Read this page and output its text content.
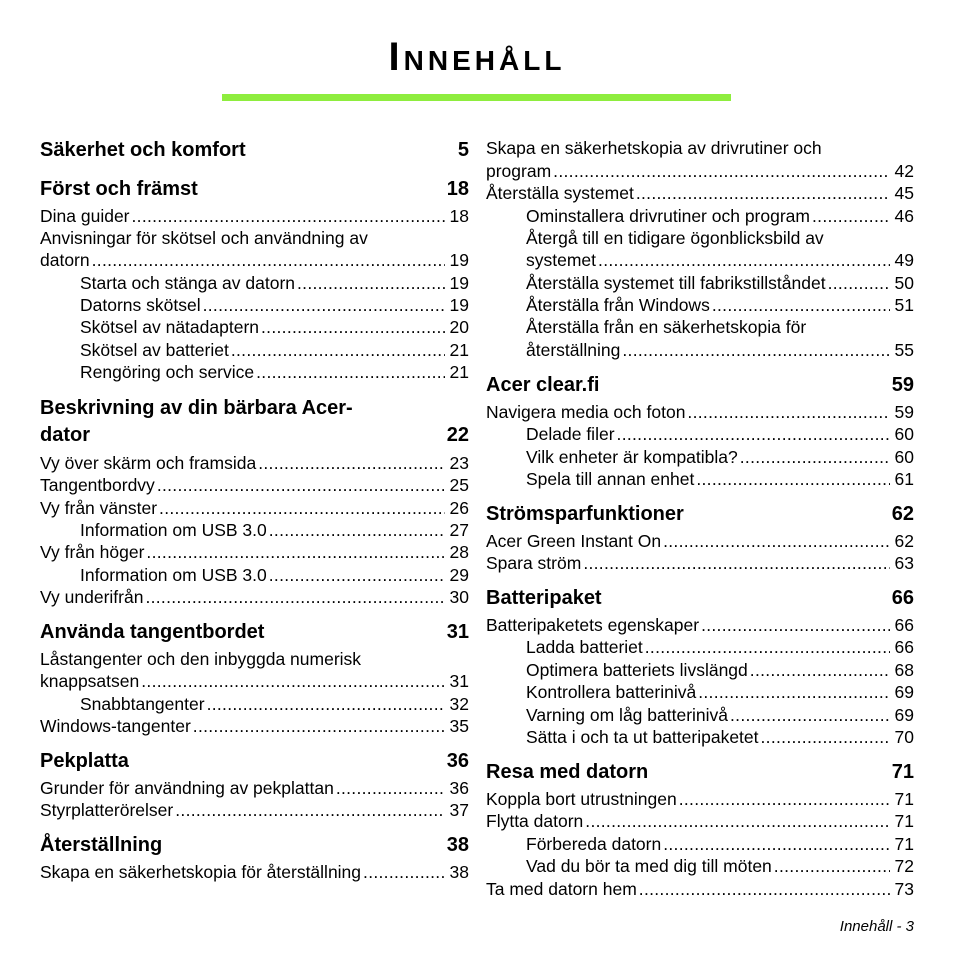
Innehåll
Säkerhet och komfort	5
Först och främst	18
Dina guider .....	18
Anvisningar för skötsel och användning av
datorn .....	19
Starta och stänga av datorn .....	19
Datorns skötsel .....	19
Skötsel av nätadaptern .....	20
Skötsel av batteriet .....	21
Rengöring och service .....	21
Beskrivning av din bärbara Acer-
dator	22
Vy över skärm och framsida .....	23
Tangentbordvy .....	25
Vy från vänster .....	26
Information om USB 3.0 .....	27
Vy från höger .....	28
Information om USB 3.0 .....	29
Vy underifrån .....	30
Använda tangentbordet	31
Låstangenter och den inbyggda numerisk
knappsatsen .....	31
Snabbtangenter .....	32
Windows-tangenter .....	35
Pekplatta	36
Grunder för användning av pekplattan .....	36
Styrplatterörelser .....	37
Återställning	38
Skapa en säkerhetskopia för återställning .....	38
Skapa en säkerhetskopia av drivrutiner och
program .....	42
Återställa systemet .....	45
Ominstallera drivrutiner och program .....	46
Återgå till en tidigare ögonblicksbild av
systemet .....	49
Återställa systemet till fabrikstillståndet .....	50
Återställa från Windows .....	51
Återställa från en säkerhetskopia för
återställning .....	55
Acer clear.fi	59
Navigera media och foton .....	59
Delade filer .....	60
Vilk enheter är kompatibla? .....	60
Spela till annan enhet .....	61
Strömsparfunktioner	62
Acer Green Instant On .....	62
Spara ström .....	63
Batteripaket	66
Batteripaketets egenskaper .....	66
Ladda batteriet .....	66
Optimera batteriets livslängd .....	68
Kontrollera batterinivå .....	69
Varning om låg batterinivå .....	69
Sätta i och ta ut batteripaketet .....	70
Resa med datorn	71
Koppla bort utrustningen .....	71
Flytta datorn .....	71
Förbereda datorn .....	71
Vad du bör ta med dig till möten .....	72
Ta med datorn hem .....	73
Innehåll - 3
